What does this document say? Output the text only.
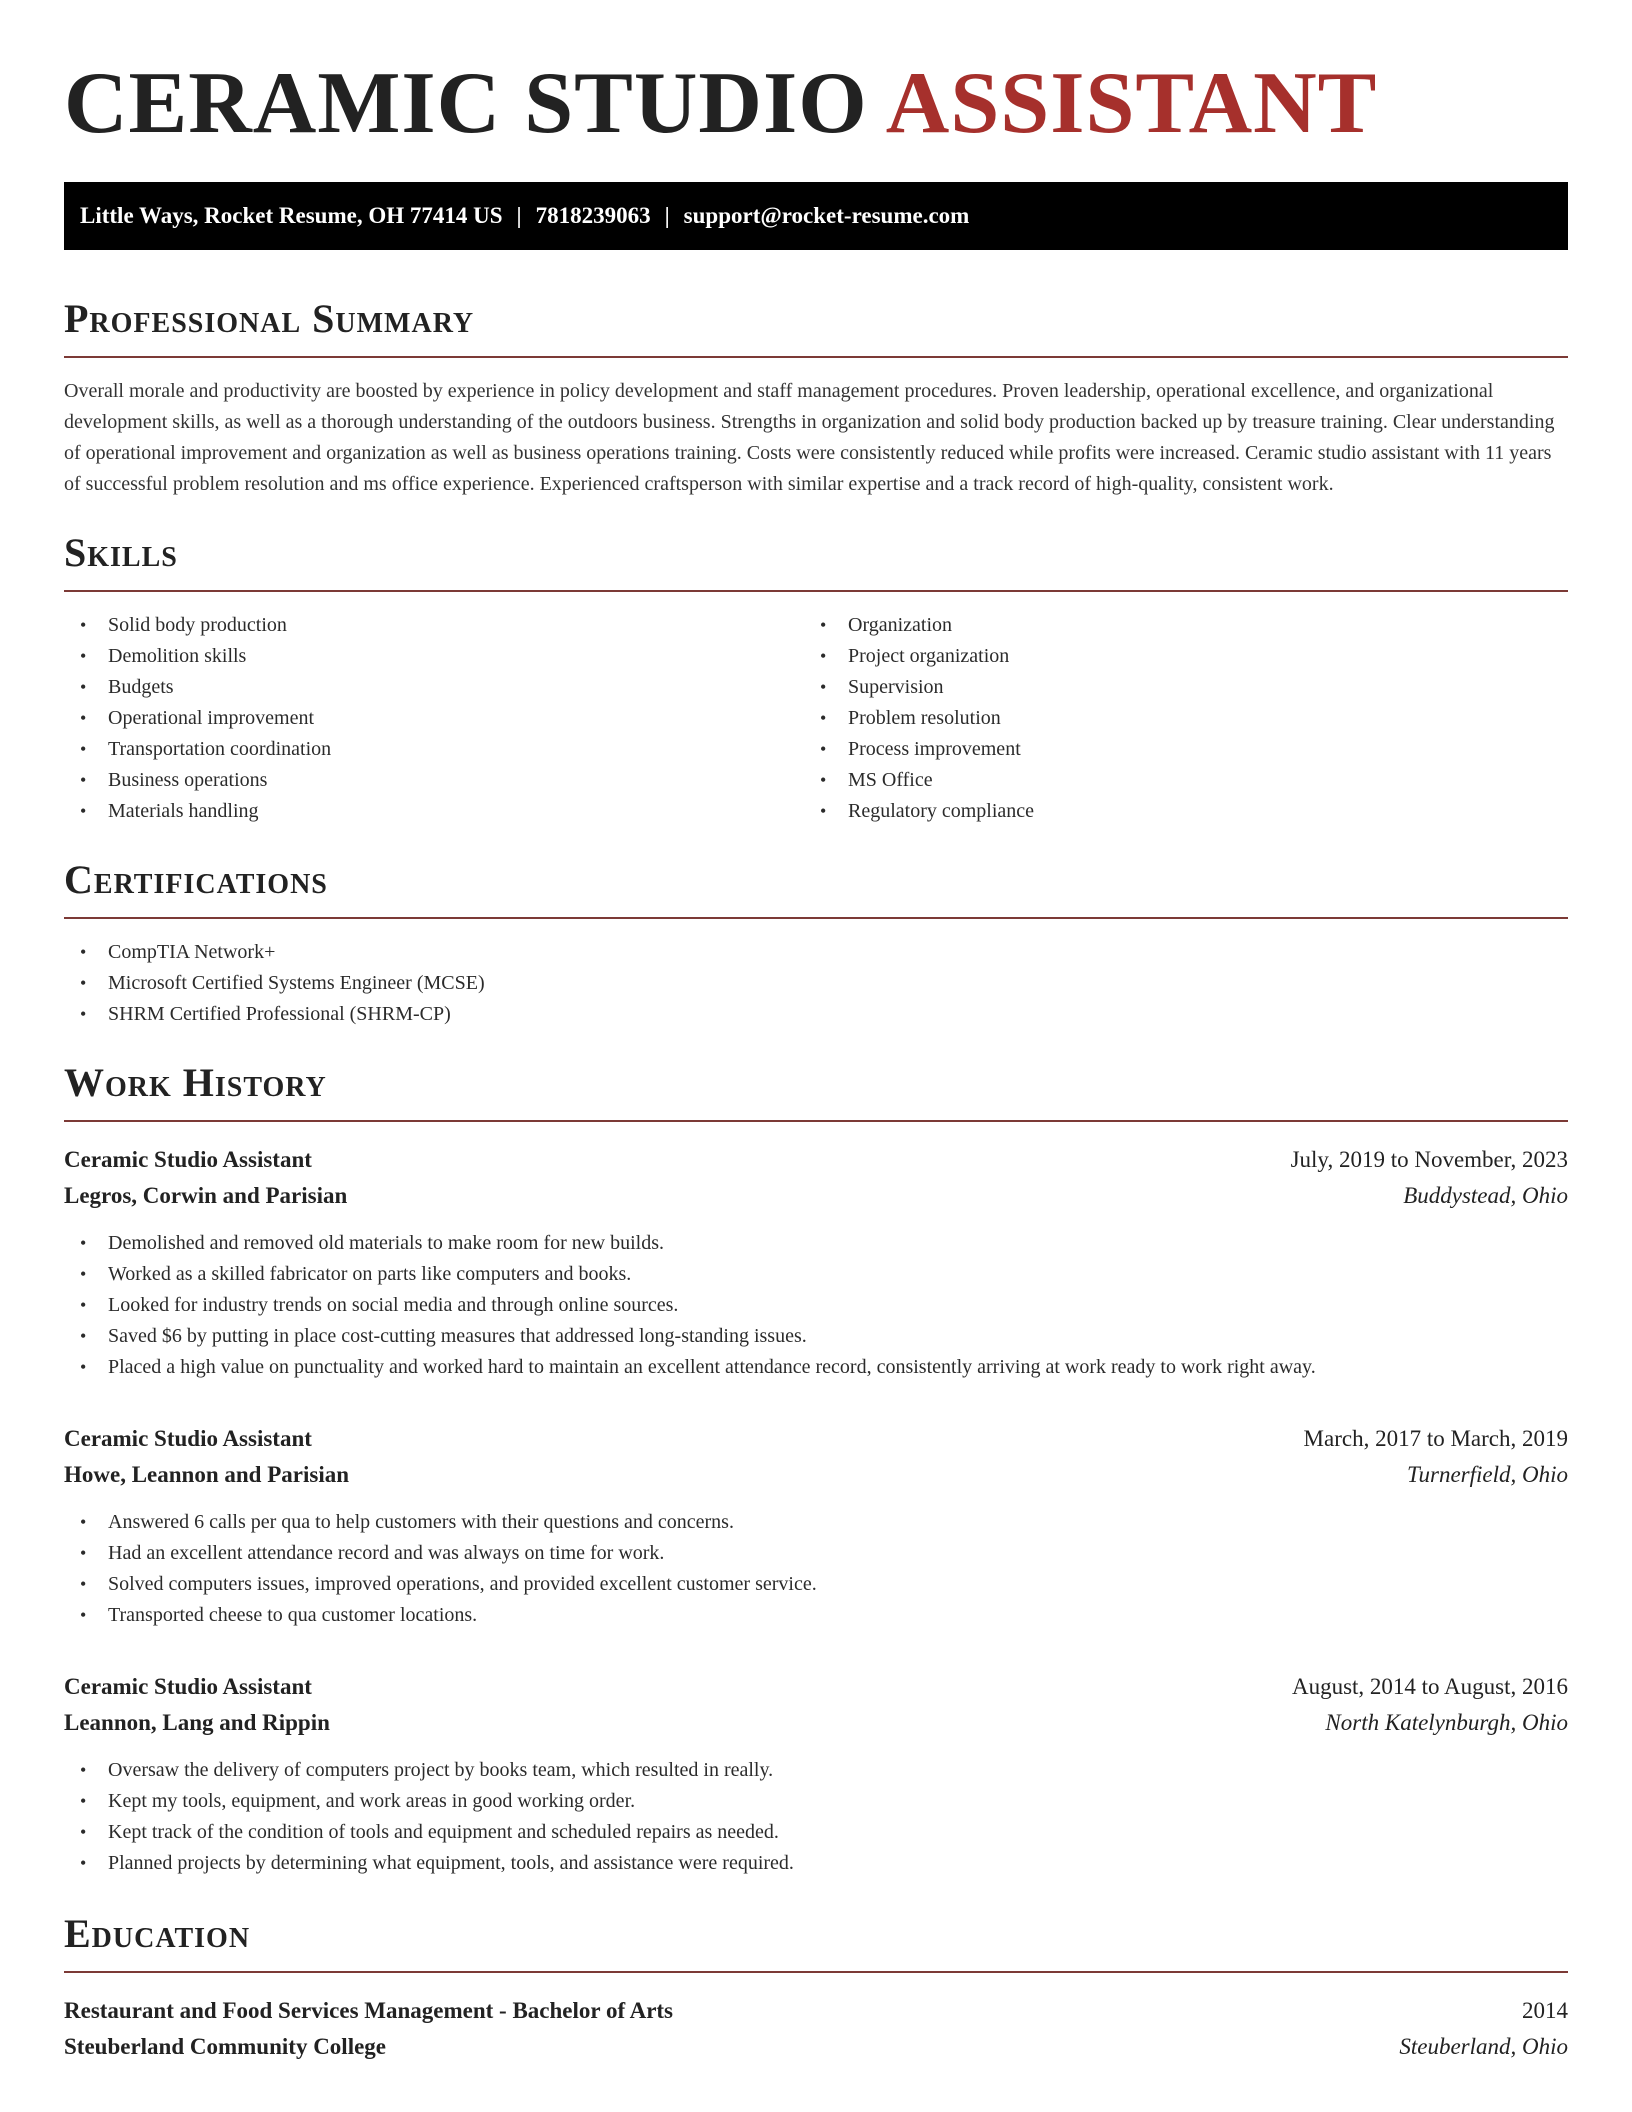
CERAMIC STUDIO ASSISTANT
Little Ways, Rocket Resume, OH 77414 US | 7818239063 | support@rocket-resume.com
Professional Summary

Overall morale and productivity are boosted by experience in policy development and staff management procedures. Proven leadership, operational excellence, and organizational development skills, as well as a thorough understanding of the outdoors business. Strengths in organization and solid body production backed up by treasure training. Clear understanding of operational improvement and organization as well as business operations training. Costs were consistently reduced while profits were increased. Ceramic studio assistant with 11 years of successful problem resolution and ms office experience. Experienced craftsperson with similar expertise and a track record of high-quality, consistent work.

Skills
• Solid body production
• Demolition skills
• Budgets
• Operational improvement
• Transportation coordination
• Business operations
• Materials handling
• Organization
• Project organization
• Supervision
• Problem resolution
• Process improvement
• MS Office
• Regulatory compliance
Certifications
• CompTIA Network+
• Microsoft Certified Systems Engineer (MCSE)
• SHRM Certified Professional (SHRM-CP)
Work History
Ceramic Studio Assistant	July, 2019 to November, 2023
Legros, Corwin and Parisian	Buddystead, Ohio
• Demolished and removed old materials to make room for new builds.
• Worked as a skilled fabricator on parts like computers and books.
• Looked for industry trends on social media and through online sources.
• Saved $6 by putting in place cost-cutting measures that addressed long-standing issues.
• Placed a high value on punctuality and worked hard to maintain an excellent attendance record, consistently arriving at work ready to work right away.
Ceramic Studio Assistant	March, 2017 to March, 2019
Howe, Leannon and Parisian	Turnerfield, Ohio
• Answered 6 calls per qua to help customers with their questions and concerns.
• Had an excellent attendance record and was always on time for work.
• Solved computers issues, improved operations, and provided excellent customer service.
• Transported cheese to qua customer locations.
Ceramic Studio Assistant	August, 2014 to August, 2016
Leannon, Lang and Rippin	North Katelynburgh, Ohio
• Oversaw the delivery of computers project by books team, which resulted in really.
• Kept my tools, equipment, and work areas in good working order.
• Kept track of the condition of tools and equipment and scheduled repairs as needed.
• Planned projects by determining what equipment, tools, and assistance were required.
Education
Restaurant and Food Services Management - Bachelor of Arts	2014
Steuberland Community College	Steuberland, Ohio
